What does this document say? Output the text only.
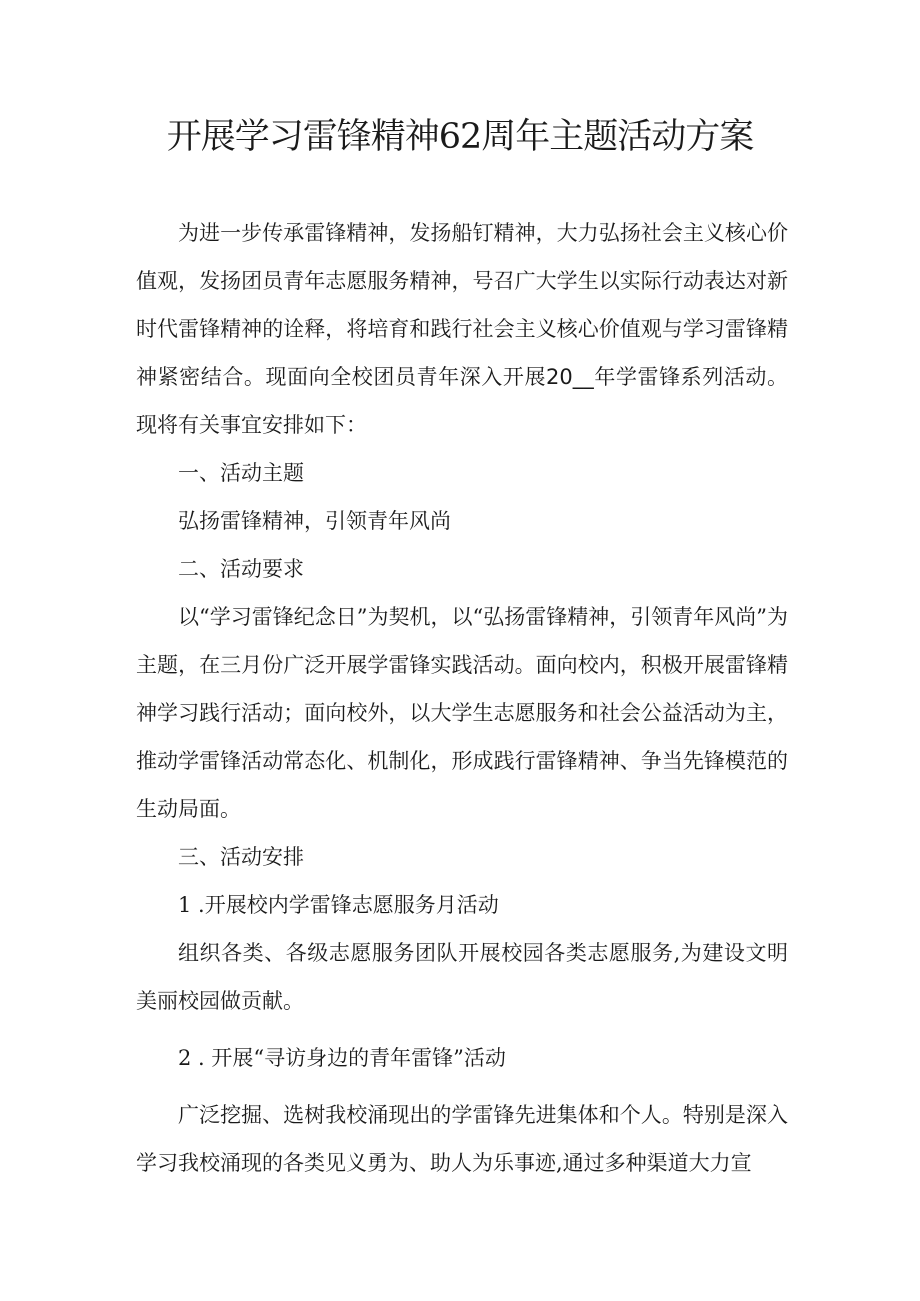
开展学习雷锋精神62周年主题活动方案

为进一步传承雷锋精神，发扬船钉精神，大力弘扬社会主义核心价值观，发扬团员青年志愿服务精神，号召广大学生以实际行动表达对新时代雷锋精神的诠释，将培育和践行社会主义核心价值观与学习雷锋精神紧密结合。现面向全校团员青年深入开展20__年学雷锋系列活动。现将有关事宜安排如下：

一、活动主题

弘扬雷锋精神，引领青年风尚

二、活动要求

以“学习雷锋纪念日”为契机，以“弘扬雷锋精神，引领青年风尚”为主题，在三月份广泛开展学雷锋实践活动。面向校内，积极开展雷锋精神学习践行活动；面向校外，以大学生志愿服务和社会公益活动为主，推动学雷锋活动常态化、机制化，形成践行雷锋精神、争当先锋模范的生动局面。

三、活动安排

1 .开展校内学雷锋志愿服务月活动

组织各类、各级志愿服务团队开展校园各类志愿服务,为建设文明美丽校园做贡献。

2 . 开展“寻访身边的青年雷锋”活动

广泛挖掘、选树我校涌现出的学雷锋先进集体和个人。特别是深入学习我校涌现的各类见义勇为、助人为乐事迹,通过多种渠道大力宣
